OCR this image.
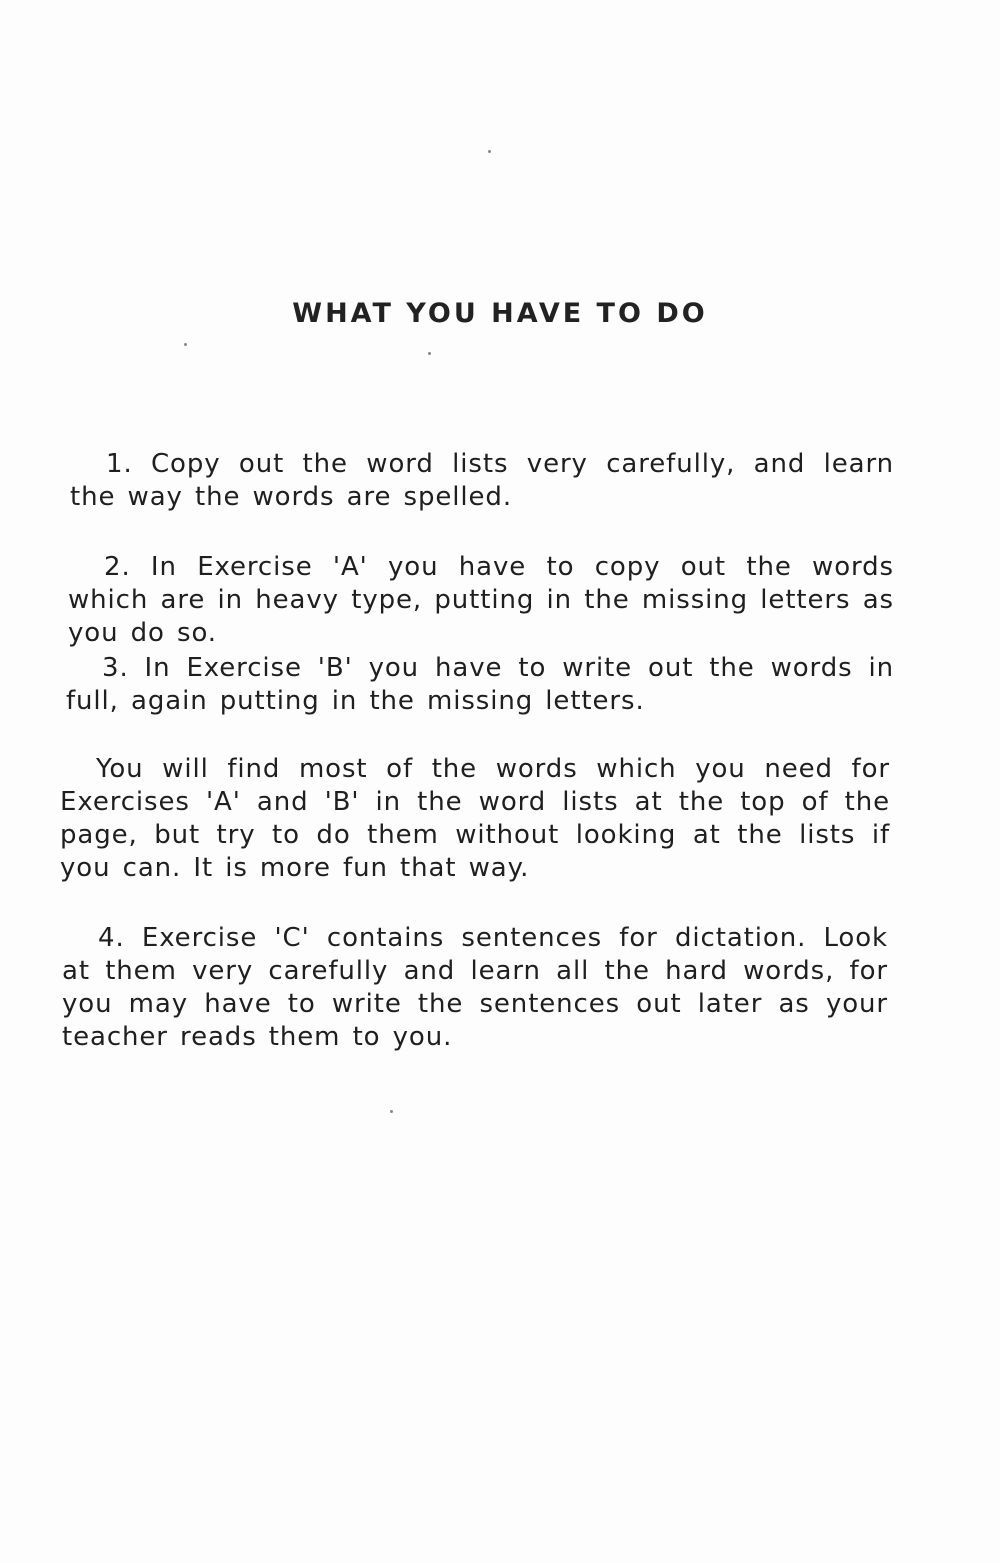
WHAT YOU HAVE TO DO

1. Copy out the word lists very carefully, and learn the way the words are spelled.

2. In Exercise 'A' you have to copy out the words which are in heavy type, putting in the missing letters as you do so.

3. In Exercise 'B' you have to write out the words in full, again putting in the missing letters.

You will find most of the words which you need for Exercises 'A' and 'B' in the word lists at the top of the page, but try to do them without looking at the lists if you can. It is more fun that way.

4. Exercise 'C' contains sentences for dictation. Look at them very carefully and learn all the hard words, for you may have to write the sentences out later as your teacher reads them to you.
